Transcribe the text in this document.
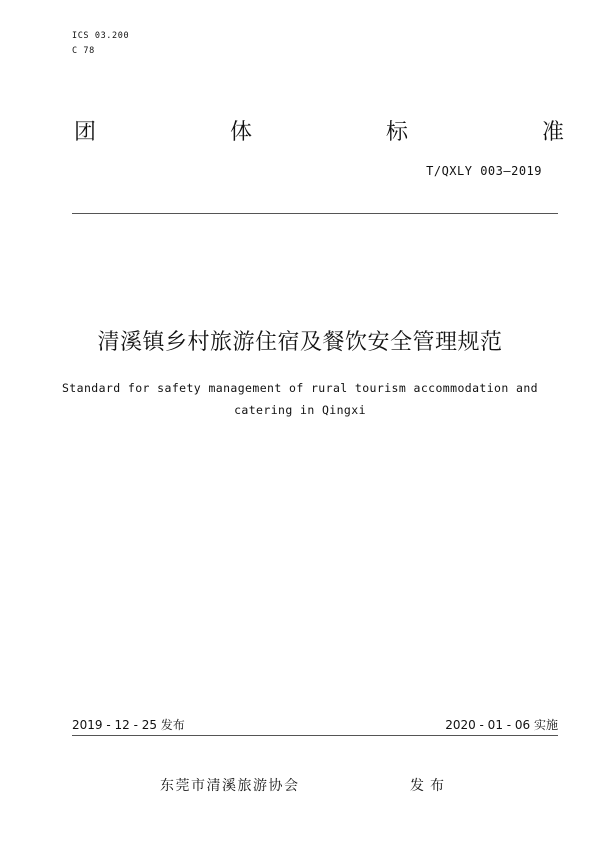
ICS 03.200
C 78
团	体	标	准
T/QXLY 003—2019
清溪镇乡村旅游住宿及餐饮安全管理规范
Standard for safety management of rural tourism accommodation and
catering in Qingxi
2019 - 12 - 25 发布	2020 - 01 - 06 实施
东莞市清溪旅游协会	发布
